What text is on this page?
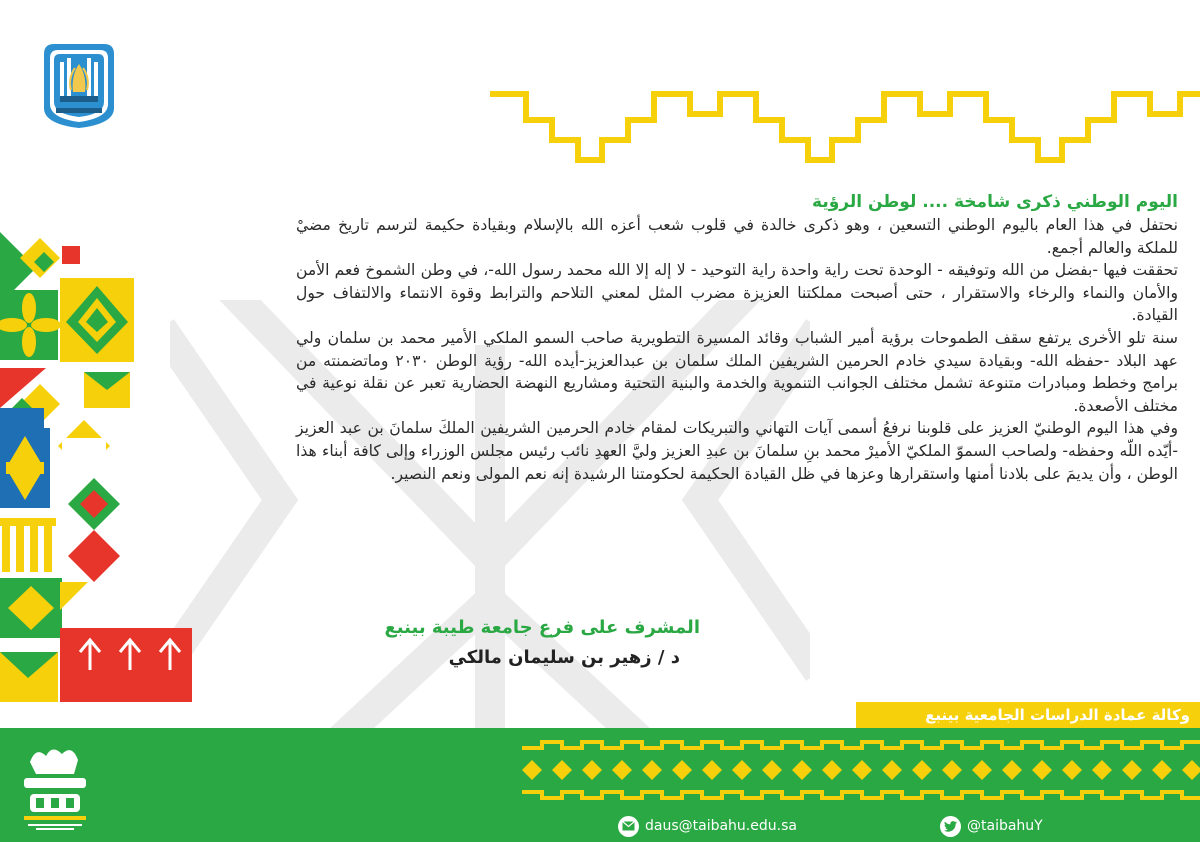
اليوم الوطني ذكرى شامخة .... لوطن الرؤية

نحتفل في هذا العام باليوم الوطني التسعين ، وهو ذكرى خالدة في قلوب شعب أعزه الله بالإسلام وبقيادة حكيمة لترسم تاريخ مضيْ للملكة والعالم أجمع.

تحققت فيها -بفضل من الله وتوفيقه - الوحدة تحت راية واحدة راية التوحيد - لا إله إلا الله محمد رسول الله-، في وطن الشموخ فعم الأمن والأمان والنماء والرخاء والاستقرار ، حتى أصبحت مملكتنا العزيزة مضرب المثل لمعني التلاحم والترابط وقوة الانتماء والالتفاف حول القيادة.

سنة تلو الأخرى يرتفع سقف الطموحات برؤية أمير الشباب وقائد المسيرة التطويرية صاحب السمو الملكي الأمير محمد بن سلمان ولي عهد البلاد -حفظه الله- وبقيادة سيدي خادم الحرمين الشريفين الملك سلمان بن عبدالعزيز-أيده الله- رؤية الوطن ٢٠٣٠ وماتضمنته من برامج وخطط ومبادرات متنوعة تشمل مختلف الجوانب التنموية والخدمة والبنية التحتية ومشاريع النهضة الحضارية تعبر عن نقلة نوعية في مختلف الأصعدة.

وفي هذا اليوم الوطنيّ العزيز على قلوبنا نرفعُ أسمى آيات التهاني والتبريكات لمقام خادم الحرمين الشريفين الملكَ سلمانَ بن عبد العزيز -أيّده اللّه وحفظه- ولصاحب السموّ الملكيّ الأميرْ محمد بنِ سلمانَ بن عبدِ العزيز وليَّ العهدِ نائب رئيس مجلس الوزراء وإلى كافة أبناء هذا الوطن ، وأن يديمَ على بلادنا أمنها واستقرارها وعزها في ظل القيادة الحكيمة لحكومتنا الرشيدة إنه نعم المولى ونعم النصير.

المشرف على فرع جامعة طيبة بينبع
د / زهير بن سليمان مالكي
وكالة عمادة الدراسات الجامعية بينبع
daus@taibahu.edu.sa	@taibahuY
